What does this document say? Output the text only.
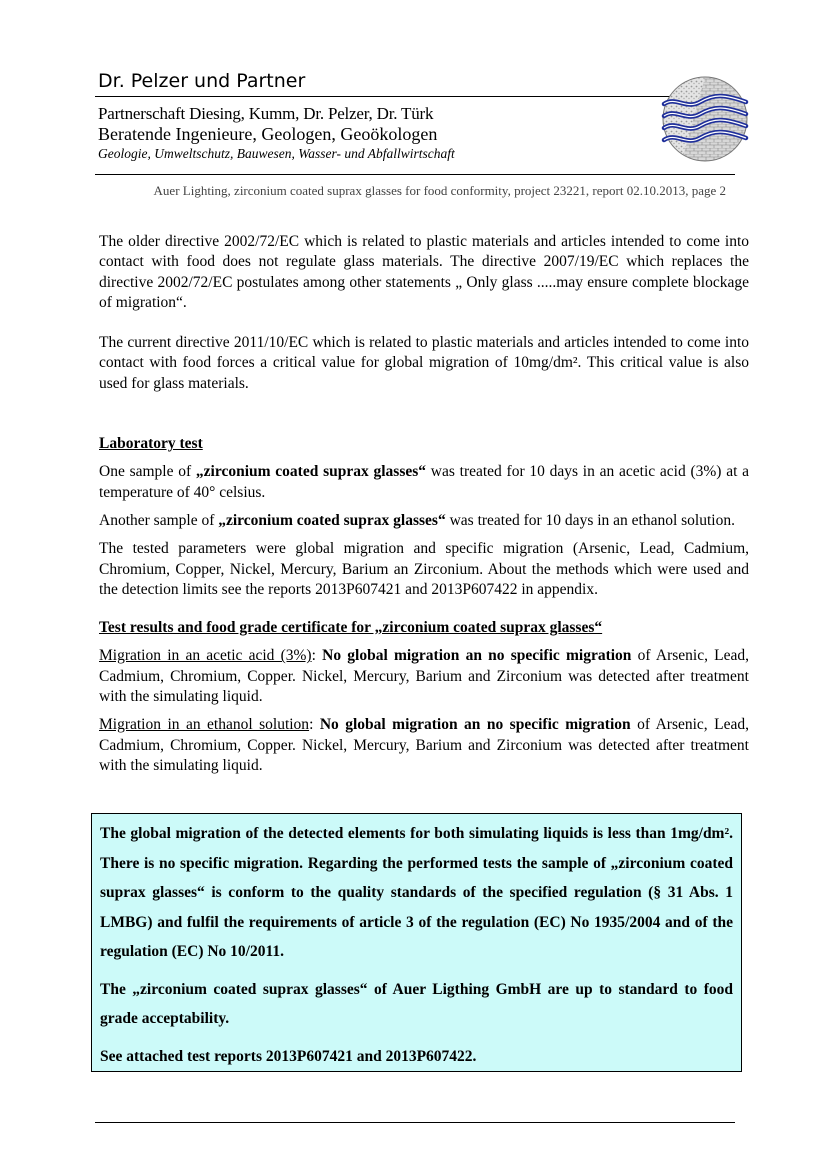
Dr. Pelzer und Partner
Partnerschaft Diesing, Kumm, Dr. Pelzer, Dr. Türk
Beratende Ingenieure, Geologen, Geoökologen
Geologie, Umweltschutz, Bauwesen, Wasser- und Abfallwirtschaft
Auer Lighting, zirconium coated suprax glasses for food conformity, project 23221, report 02.10.2013, page 2

The older directive 2002/72/EC which is related to plastic materials and articles intended to come into contact with food does not regulate glass materials. The directive 2007/19/EC which replaces the directive 2002/72/EC postulates among other statements „ Only glass .....may ensure complete blockage of migration“.

The current directive 2011/10/EC which is related to plastic materials and articles intended to come into contact with food forces a critical value for global migration of 10mg/dm². This critical value is also used for glass materials.

Laboratory test

One sample of „zirconium coated suprax glasses“ was treated for 10 days in an acetic acid (3%) at a temperature of 40° celsius.

Another sample of „zirconium coated suprax glasses“ was treated for 10 days in an ethanol solution.

The tested parameters were global migration and specific migration (Arsenic, Lead, Cadmium, Chromium, Copper, Nickel, Mercury, Barium an Zirconium. About the methods which were used and the detection limits see the reports 2013P607421 and 2013P607422 in appendix.

Test results and food grade certificate for „zirconium coated suprax glasses“

Migration in an acetic acid (3%): No global migration an no specific migration of Arsenic, Lead, Cadmium, Chromium, Copper. Nickel, Mercury, Barium and Zirconium was detected after treatment with the simulating liquid.

Migration in an ethanol solution: No global migration an no specific migration of Arsenic, Lead, Cadmium, Chromium, Copper. Nickel, Mercury, Barium and Zirconium was detected after treatment with the simulating liquid.

The global migration of the detected elements for both simulating liquids is less than 1mg/dm². There is no specific migration. Regarding the performed tests the sample of „zirconium coated suprax glasses“ is conform to the quality standards of the specified regulation (§ 31 Abs. 1 LMBG) and fulfil the requirements of article 3 of the regulation (EC) No 1935/2004 and of the regulation (EC) No 10/2011.

The „zirconium coated suprax glasses“ of Auer Ligthing GmbH are up to standard to food grade acceptability.

See attached test reports 2013P607421 and 2013P607422.
